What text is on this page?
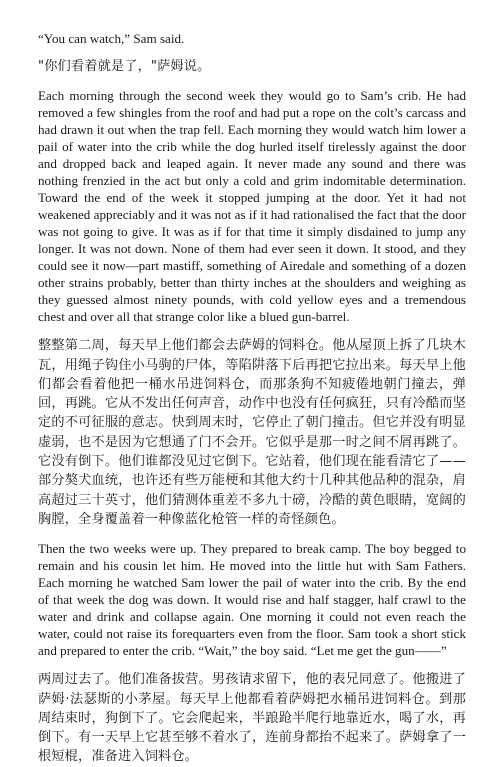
“You can watch,” Sam said.

"你们看着就是了，"萨姆说。

Each morning through the second week they would go to Sam’s crib. He had removed a few shingles from the roof and had put a rope on the colt’s carcass and had drawn it out when the trap fell. Each morning they would watch him lower a pail of water into the crib while the dog hurled itself tirelessly against the door and dropped back and leaped again. It never made any sound and there was nothing frenzied in the act but only a cold and grim indomitable determination. Toward the end of the week it stopped jumping at the door. Yet it had not weakened appreciably and it was not as if it had rationalised the fact that the door was not going to give. It was as if for that time it simply disdained to jump any longer. It was not down. None of them had ever seen it down. It stood, and they could see it now—part mastiff, something of Airedale and something of a dozen other strains probably, better than thirty inches at the shoulders and weighing as they guessed almost ninety pounds, with cold yellow eyes and a tremendous chest and over all that strange color like a blued gun-barrel.

整整第二周，每天早上他们都会去萨姆的饲料仓。他从屋顶上拆了几块木瓦，用绳子钩住小马驹的尸体，等陷阱落下后再把它拉出来。每天早上他们都会看着他把一桶水吊进饲料仓，而那条狗不知疲倦地朝门撞去，弹回，再跳。它从不发出任何声音，动作中也没有任何疯狂，只有冷酷而坚定的不可征服的意志。快到周末时，它停止了朝门撞击。但它并没有明显虚弱，也不是因为它想通了门不会开。它似乎是那一时之间不屑再跳了。它没有倒下。他们谁都没见过它倒下。它站着，他们现在能看清它了——部分獒犬血统，也许还有些万能梗和其他大约十几种其他品种的混杂，肩高超过三十英寸，他们猜测体重差不多九十磅，冷酷的黄色眼睛，宽阔的胸膛，全身覆盖着一种像蓝化枪管一样的奇怪颜色。

Then the two weeks were up. They prepared to break camp. The boy begged to remain and his cousin let him. He moved into the little hut with Sam Fathers. Each morning he watched Sam lower the pail of water into the crib. By the end of that week the dog was down. It would rise and half stagger, half crawl to the water and drink and collapse again. One morning it could not even reach the water, could not raise its forequarters even from the floor. Sam took a short stick and prepared to enter the crib. “Wait,” the boy said. “Let me get the gun——”

两周过去了。他们准备拔营。男孩请求留下，他的表兄同意了。他搬进了萨姆·法瑟斯的小茅屋。每天早上他都看着萨姆把水桶吊进饲料仓。到那周结束时，狗倒下了。它会爬起来，半踉跄半爬行地靠近水，喝了水，再倒下。有一天早上它甚至够不着水了，连前身都抬不起来了。萨姆拿了一根短棍，准备进入饲料仓。
